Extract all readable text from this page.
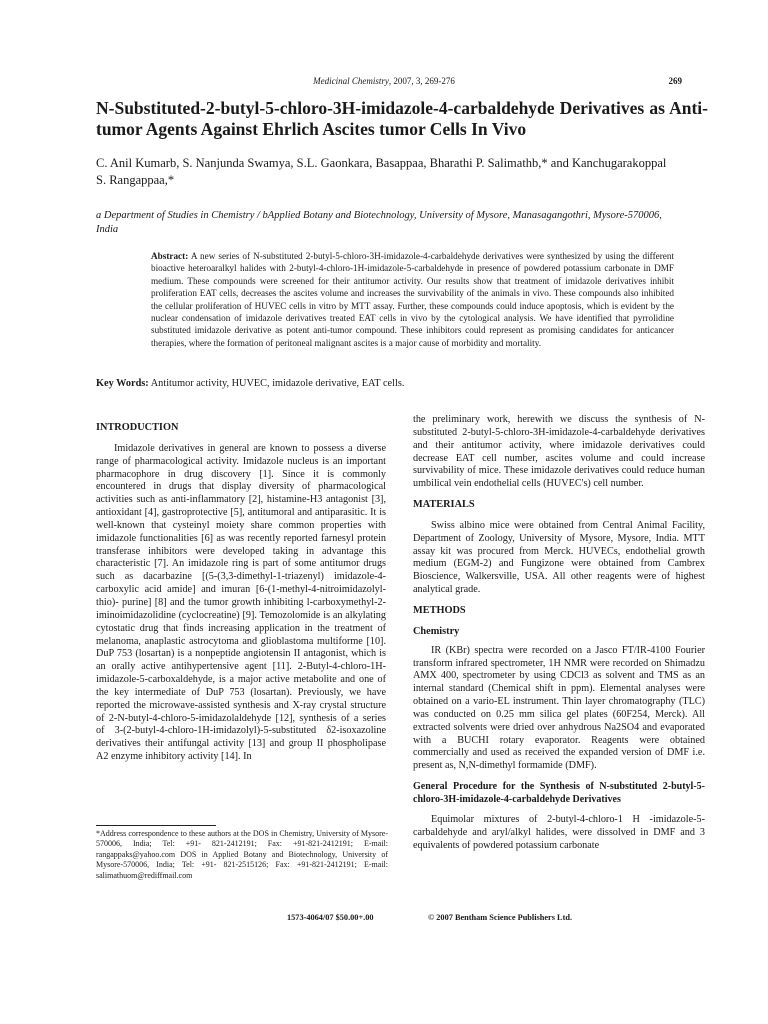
Medicinal Chemistry, 2007, 3, 269-276	269
N-Substituted-2-butyl-5-chloro-3H-imidazole-4-carbaldehyde Derivatives as Anti-tumor Agents Against Ehrlich Ascites tumor Cells In Vivo
C. Anil Kumarb, S. Nanjunda Swamya, S.L. Gaonkara, Basappaa, Bharathi P. Salimathb,* and Kanchugarakoppal S. Rangappaa,*
a Department of Studies in Chemistry / bApplied Botany and Biotechnology, University of Mysore, Manasagangothri, Mysore-570006, India
Abstract: A new series of N-substituted 2-butyl-5-chloro-3H-imidazole-4-carbaldehyde derivatives were synthesized by using the different bioactive heteroaralkyl halides with 2-butyl-4-chloro-1H-imidazole-5-carbaldehyde in presence of powdered potassium carbonate in DMF medium. These compounds were screened for their antitumor activity. Our results show that treatment of imidazole derivatives inhibit proliferation EAT cells, decreases the ascites volume and increases the survivability of the animals in vivo. These compounds also inhibited the cellular proliferation of HUVEC cells in vitro by MTT assay. Further, these compounds could induce apoptosis, which is evident by the nuclear condensation of imidazole derivatives treated EAT cells in vivo by the cytological analysis. We have identified that pyrrolidine substituted imidazole derivative as potent anti-tumor compound. These inhibitors could represent as promising candidates for anticancer therapies, where the formation of peritoneal malignant ascites is a major cause of morbidity and mortality.
Key Words: Antitumor activity, HUVEC, imidazole derivative, EAT cells.
INTRODUCTION

Imidazole derivatives in general are known to possess a diverse range of pharmacological activity. Imidazole nucleus is an important pharmacophore in drug discovery [1]. Since it is commonly encountered in drugs that display diversity of pharmacological activities such as anti-inflammatory [2], histamine-H3 antagonist [3], antioxidant [4], gastroprotective [5], antitumoral and antiparasitic. It is well-known that cysteinyl moiety share common properties with imidazole functionalities [6] as was recently reported farnesyl protein transferase inhibitors were developed taking in advantage this characteristic [7]. An imidazole ring is part of some antitumor drugs such as dacarbazine [(5-(3,3-dimethyl-1-triazenyl) imidazole-4-carboxylic acid amide] and imuran [6-(1-methyl-4-nitroimidazolyl-thio)- purine] [8] and the tumor growth inhibiting l-carboxymethyl-2-iminoimidazolidine (cyclocreatine) [9]. Temozolomide is an alkylating cytostatic drug that finds increasing application in the treatment of melanoma, anaplastic astrocytoma and glioblastoma multiforme [10]. DuP 753 (losartan) is a nonpeptide angiotensin II antagonist, which is an orally active antihypertensive agent [11]. 2-Butyl-4-chloro-1H-imidazole-5-carboxaldehyde, is a major active metabolite and one of the key intermediate of DuP 753 (losartan). Previously, we have reported the microwave-assisted synthesis and X-ray crystal structure of 2-N-butyl-4-chloro-5-imidazolaldehyde [12], synthesis of a series of 3-(2-butyl-4-chloro-1H-imidazolyl)-5-substituted δ2-isoxazoline derivatives their antifungal activity [13] and group II phospholipase A2 enzyme inhibitory activity [14]. In

*Address correspondence to these authors at the DOS in Chemistry, University of Mysore-570006, India; Tel: +91- 821-2412191; Fax: +91-821-2412191; E-mail: rangappaks@yahoo.com DOS in Applied Botany and Biotechnology, University of Mysore-570006, India; Tel: +91- 821-2515126; Fax: +91-821-2412191; E-mail: salimathuom@rediffmail.com

the preliminary work, herewith we discuss the synthesis of N-substituted 2-butyl-5-chloro-3H-imidazole-4-carbaldehyde derivatives and their antitumor activity, where imidazole derivatives could decrease EAT cell number, ascites volume and could increase survivability of mice. These imidazole derivatives could reduce human umbilical vein endothelial cells (HUVEC's) cell number.

MATERIALS

Swiss albino mice were obtained from Central Animal Facility, Department of Zoology, University of Mysore, Mysore, India. MTT assay kit was procured from Merck. HUVECs, endothelial growth medium (EGM-2) and Fungizone were obtained from Cambrex Bioscience, Walkersville, USA. All other reagents were of highest analytical grade.

METHODS
Chemistry

IR (KBr) spectra were recorded on a Jasco FT/IR-4100 Fourier transform infrared spectrometer, 1H NMR were recorded on Shimadzu AMX 400, spectrometer by using CDCl3 as solvent and TMS as an internal standard (Chemical shift in ppm). Elemental analyses were obtained on a vario-EL instrument. Thin layer chromatography (TLC) was conducted on 0.25 mm silica gel plates (60F254, Merck). All extracted solvents were dried over anhydrous Na2SO4 and evaporated with a BUCHI rotary evaporator. Reagents were obtained commercially and used as received the expanded version of DMF i.e. present as, N,N-dimethyl formamide (DMF).

General Procedure for the Synthesis of N-substituted 2-butyl-5-chloro-3H-imidazole-4-carbaldehyde Derivatives

Equimolar mixtures of 2-butyl-4-chloro-1 H -imidazole-5-carbaldehyde and aryl/alkyl halides, were dissolved in DMF and 3 equivalents of powdered potassium carbonate

1573-4064/07 $50.00+.00	© 2007 Bentham Science Publishers Ltd.
